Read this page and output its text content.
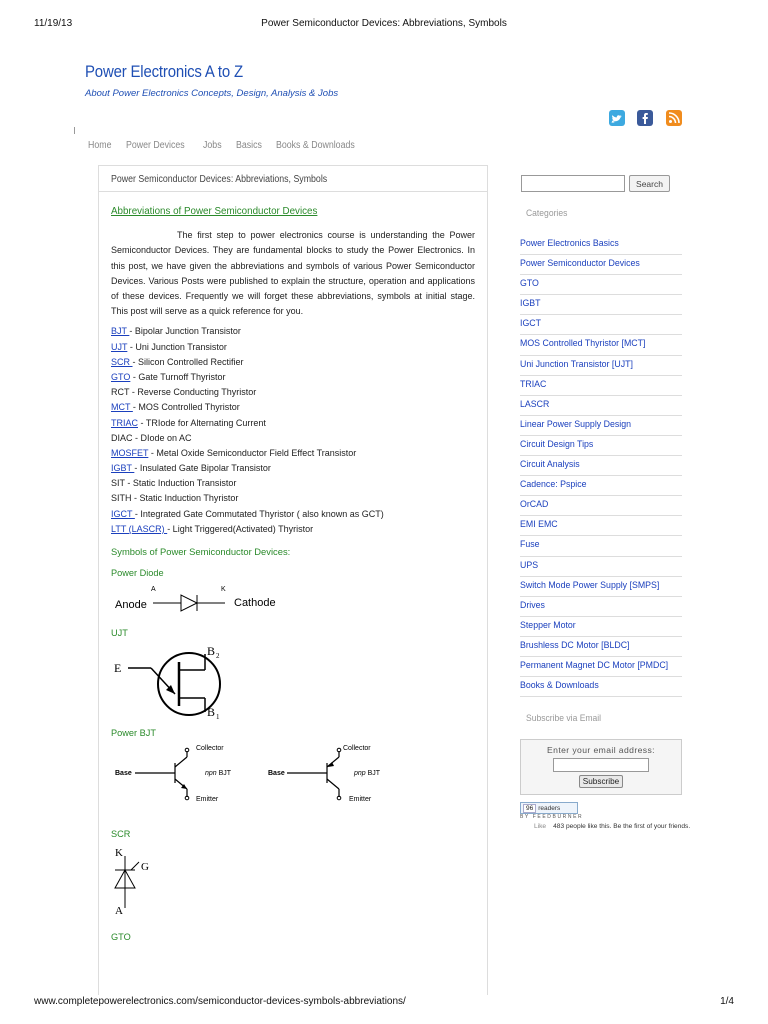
11/19/13	Power Semiconductor Devices: Abbreviations, Symbols
Power Electronics A to Z
About Power Electronics Concepts, Design, Analysis & Jobs
Home Power Devices Jobs Basics Books & Downloads
Power Semiconductor Devices: Abbreviations, Symbols
Abbreviations of Power Semiconductor Devices
The first step to power electronics course is understanding the Power Semiconductor Devices. They are fundamental blocks to study the Power Electronics. In this post, we have given the abbreviations and symbols of various Power Semiconductor Devices. Various Posts were published to explain the structure, operation and applications of these devices. Frequently we will forget these abbreviations, symbols at initial stage. This post will serve as a quick reference for you.
BJT - Bipolar Junction Transistor
UJT - Uni Junction Transistor
SCR - Silicon Controlled Rectifier
GTO - Gate Turnoff Thyristor
RCT - Reverse Conducting Thyristor
MCT - MOS Controlled Thyristor
TRIAC - TRIode for Alternating Current
DIAC - DIode on AC
MOSFET - Metal Oxide Semiconductor Field Effect Transistor
IGBT - Insulated Gate Bipolar Transistor
SIT - Static Induction Transistor
SITH - Static Induction Thyristor
IGCT - Integrated Gate Commutated Thyristor ( also known as GCT)
LTT (LASCR) - Light Triggered(Activated) Thyristor
Symbols of Power Semiconductor Devices:
Power Diode
A	K
Anode	Cathode
UJT
E
B 2
B 1
Power BJT
Collector
Base	npn BJT
Emitter
Collector
Base	pnp BJT
Emitter
SCR
K
G
A
GTO
Search
Categories
Power Electronics Basics
Power Semiconductor Devices
GTO
IGBT
IGCT
MOS Controlled Thyristor [MCT]
Uni Junction Transistor [UJT]
TRIAC
LASCR
Linear Power Supply Design
Circuit Design Tips
Circuit Analysis
Cadence: Pspice
OrCAD
EMI EMC
Fuse
UPS
Switch Mode Power Supply [SMPS]
Drives
Stepper Motor
Brushless DC Motor [BLDC]
Permanent Magnet DC Motor [PMDC]
Books & Downloads
Subscribe via Email
Enter your email address:
Subscribe
96 readers
BY FEEDBURNER
Like 483 people like this. Be the first of your friends.
www.completepowerelectronics.com/semiconductor-devices-symbols-abbreviations/	1/4
